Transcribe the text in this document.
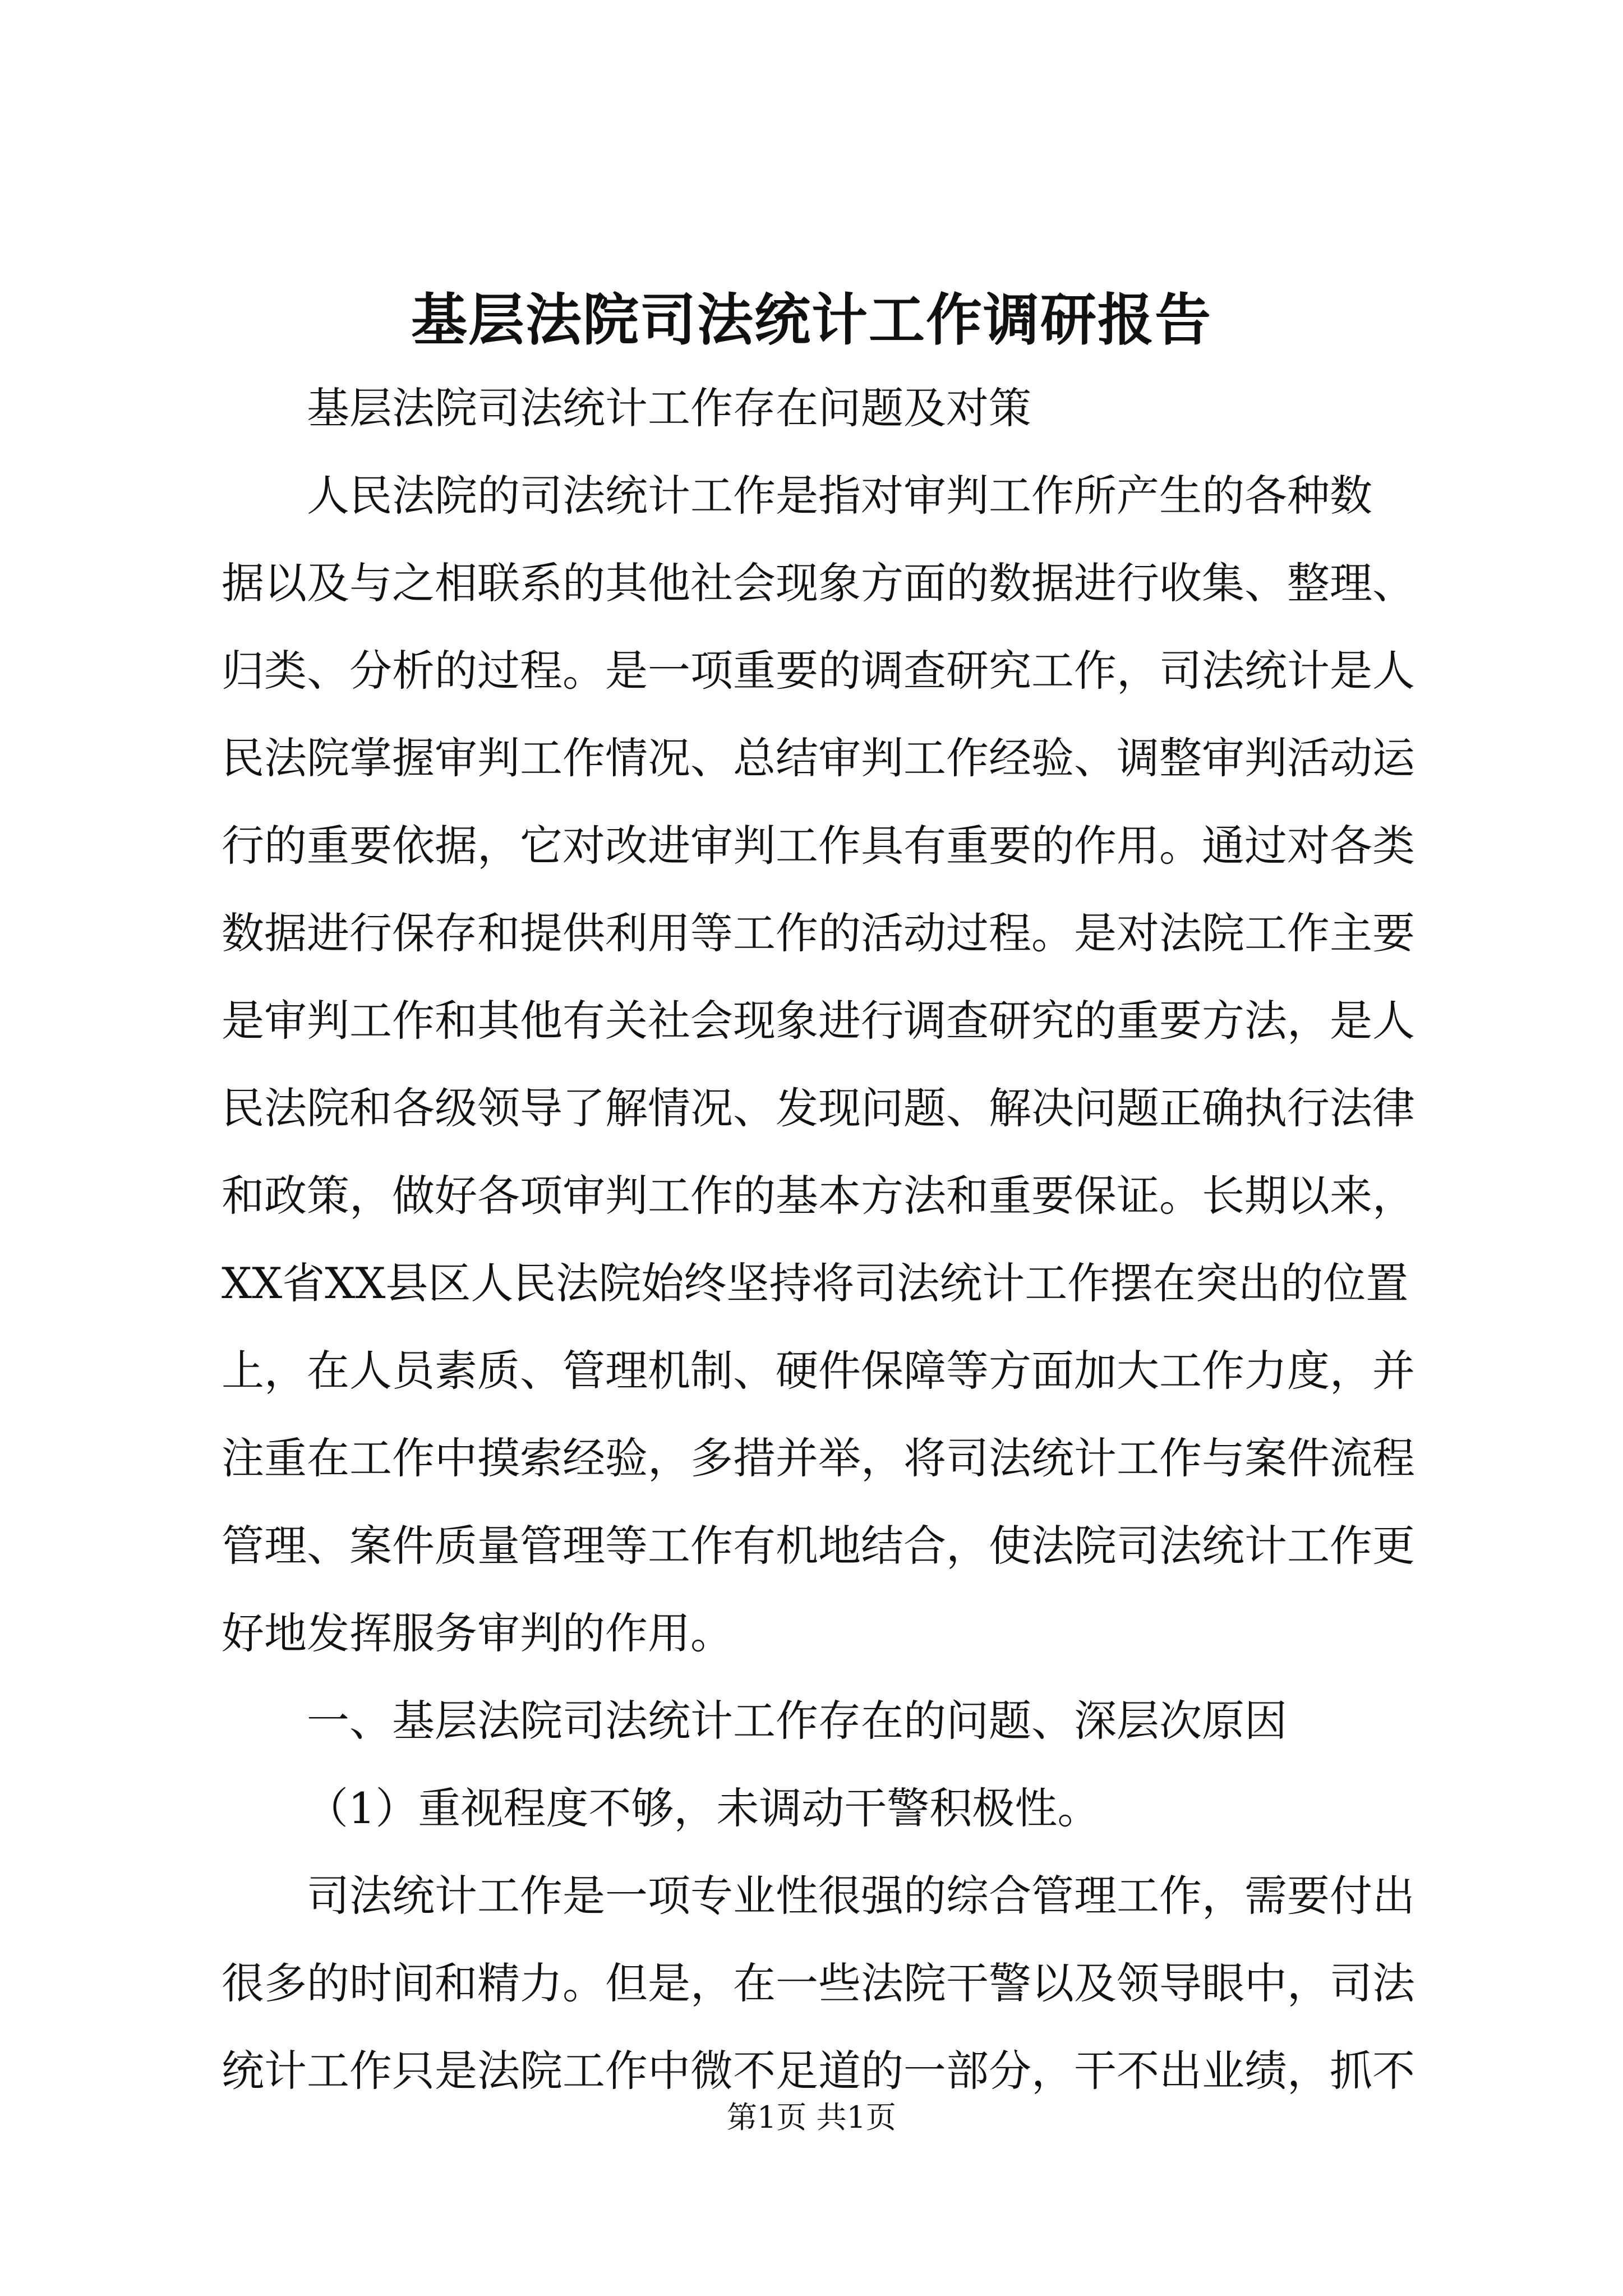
基层法院司法统计工作调研报告
基层法院司法统计工作存在问题及对策
人民法院的司法统计工作是指对审判工作所产生的各种数
据以及与之相联系的其他社会现象方面的数据进行收集、整理、
归类、分析的过程。是一项重要的调查研究工作，司法统计是人
民法院掌握审判工作情况、总结审判工作经验、调整审判活动运
行的重要依据，它对改进审判工作具有重要的作用。通过对各类
数据进行保存和提供利用等工作的活动过程。是对法院工作主要
是审判工作和其他有关社会现象进行调查研究的重要方法，是人
民法院和各级领导了解情况、发现问题、解决问题正确执行法律
和政策，做好各项审判工作的基本方法和重要保证。长期以来，
XX省XX县区人民法院始终坚持将司法统计工作摆在突出的位置
上，在人员素质、管理机制、硬件保障等方面加大工作力度，并
注重在工作中摸索经验，多措并举，将司法统计工作与案件流程
管理、案件质量管理等工作有机地结合，使法院司法统计工作更
好地发挥服务审判的作用。
一、基层法院司法统计工作存在的问题、深层次原因
（1）重视程度不够，未调动干警积极性。
司法统计工作是一项专业性很强的综合管理工作，需要付出
很多的时间和精力。但是，在一些法院干警以及领导眼中，司法
统计工作只是法院工作中微不足道的一部分，干不出业绩，抓不
第1页 共1页
